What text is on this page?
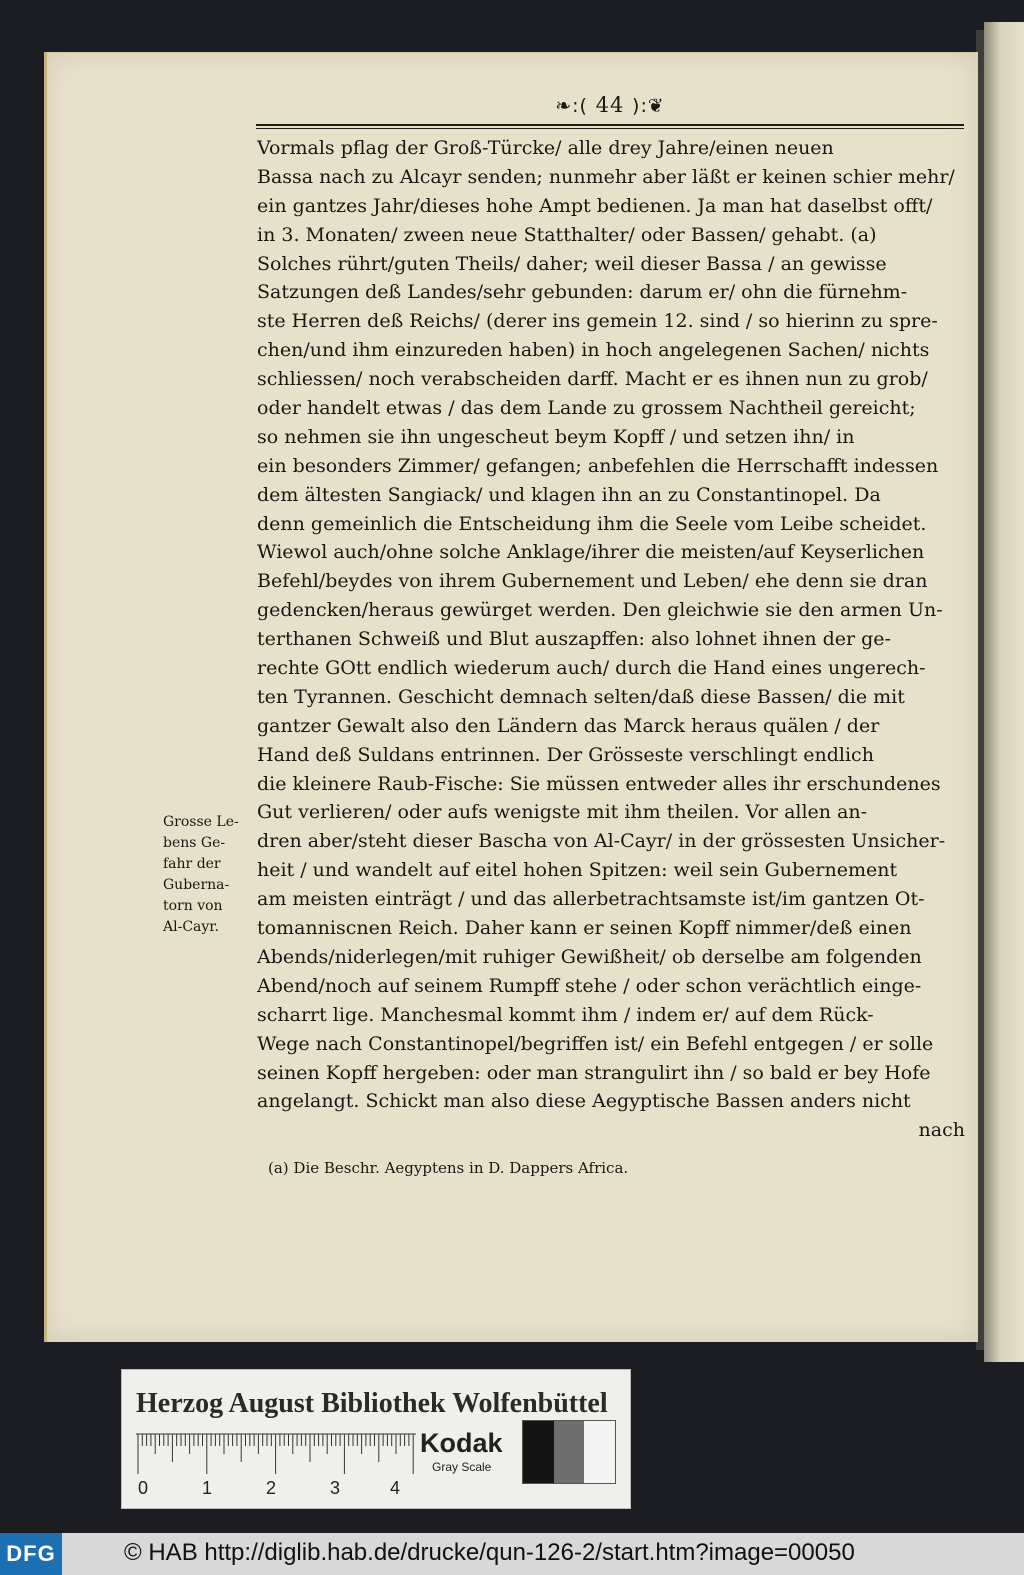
❧:( 44 ):❦
Vormals pflag der Groß-Türcke/ alle drey Jahre/einen neuen
Bassa nach zu Alcayr senden; nunmehr aber läßt er keinen schier mehr/
ein gantzes Jahr/dieses hohe Ampt bedienen. Ja man hat daselbst offt/
in 3. Monaten/ zween neue Statthalter/ oder Bassen/ gehabt. (a)
Solches rührt/guten Theils/ daher; weil dieser Bassa / an gewisse
Satzungen deß Landes/sehr gebunden: darum er/ ohn die fürnehm-
ste Herren deß Reichs/ (derer ins gemein 12. sind / so hierinn zu spre-
chen/und ihm einzureden haben) in hoch angelegenen Sachen/ nichts
schliessen/ noch verabscheiden darff. Macht er es ihnen nun zu grob/
oder handelt etwas / das dem Lande zu grossem Nachtheil gereicht;
so nehmen sie ihn ungescheut beym Kopff / und setzen ihn/ in
ein besonders Zimmer/ gefangen; anbefehlen die Herrschafft indessen
dem ältesten Sangiack/ und klagen ihn an zu Constantinopel. Da
denn gemeinlich die Entscheidung ihm die Seele vom Leibe scheidet.
Wiewol auch/ohne solche Anklage/ihrer die meisten/auf Keyserlichen
Befehl/beydes von ihrem Gubernement und Leben/ ehe denn sie dran
gedencken/heraus gewürget werden. Den gleichwie sie den armen Un-
terthanen Schweiß und Blut auszapffen: also lohnet ihnen der ge-
rechte GOtt endlich wiederum auch/ durch die Hand eines ungerech-
ten Tyrannen. Geschicht demnach selten/daß diese Bassen/ die mit
gantzer Gewalt also den Ländern das Marck heraus quälen / der
Hand deß Suldans entrinnen. Der Grösseste verschlingt endlich
die kleinere Raub-Fische: Sie müssen entweder alles ihr erschundenes
Gut verlieren/ oder aufs wenigste mit ihm theilen. Vor allen an-
dren aber/steht dieser Bascha von Al-Cayr/ in der grössesten Unsicher-
heit / und wandelt auf eitel hohen Spitzen: weil sein Gubernement
am meisten einträgt / und das allerbetrachtsamste ist/im gantzen Ot-
tomanniscnen Reich. Daher kann er seinen Kopff nimmer/deß einen
Abends/niderlegen/mit ruhiger Gewißheit/ ob derselbe am folgenden
Abend/noch auf seinem Rumpff stehe / oder schon verächtlich einge-
scharrt lige. Manchesmal kommt ihm / indem er/ auf dem Rück-
Wege nach Constantinopel/begriffen ist/ ein Befehl entgegen / er solle
seinen Kopff hergeben: oder man strangulirt ihn / so bald er bey Hofe
angelangt. Schickt man also diese Aegyptische Bassen anders nicht
nach
Grosse Le-
bens Ge-
fahr der
Guberna-
torn von
Al-Cayr.
(a) Die Beschr. Aegyptens in D. Dappers Africa.
Herzog August Bibliothek Wolfenbüttel
0	1	2	3	4
Kodak
Gray Scale
DFG	© HAB http://diglib.hab.de/drucke/qun-126-2/start.htm?image=00050
